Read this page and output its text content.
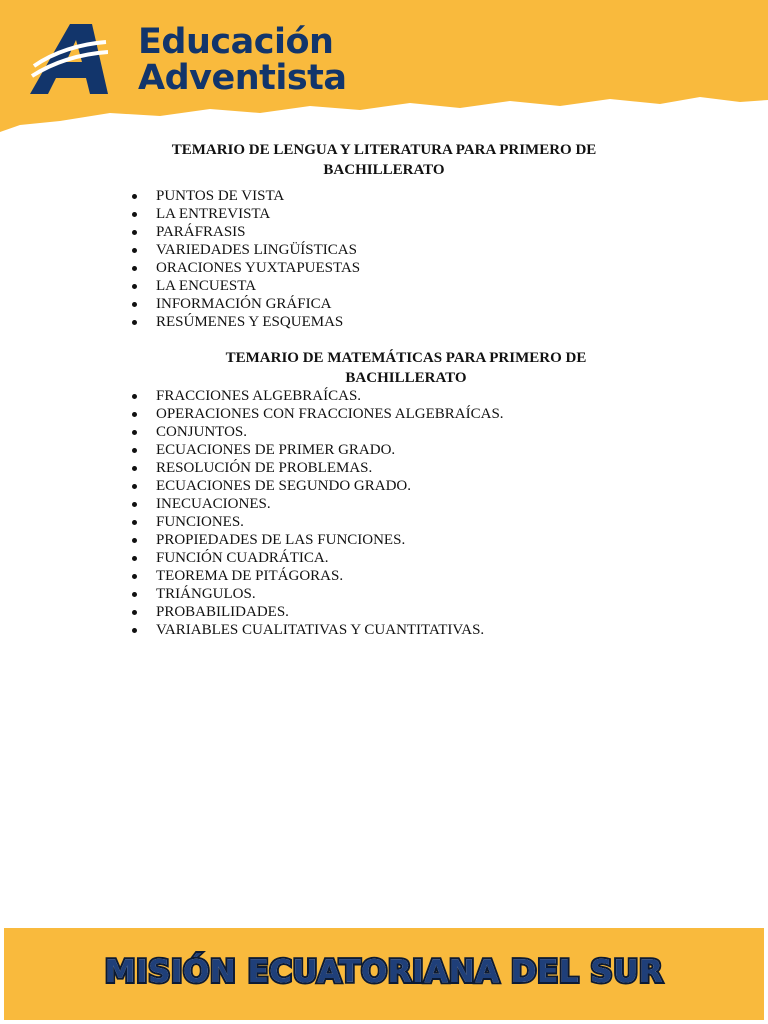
Educación
Adventista

TEMARIO DE LENGUA Y LITERATURA PARA PRIMERO DE BACHILLERATO

PUNTOS DE VISTA
LA ENTREVISTA
PARÁFRASIS
VARIEDADES LINGÜÍSTICAS
ORACIONES YUXTAPUESTAS
LA ENCUESTA
INFORMACIÓN GRÁFICA
RESÚMENES Y ESQUEMAS

TEMARIO DE MATEMÁTICAS PARA PRIMERO DE BACHILLERATO

FRACCIONES ALGEBRAÍCAS.
OPERACIONES CON FRACCIONES ALGEBRAÍCAS.
CONJUNTOS.
ECUACIONES DE PRIMER GRADO.
RESOLUCIÓN DE PROBLEMAS.
ECUACIONES DE SEGUNDO GRADO.
INECUACIONES.
FUNCIONES.
PROPIEDADES DE LAS FUNCIONES.
FUNCIÓN CUADRÁTICA.
TEOREMA DE PITÁGORAS.
TRIÁNGULOS.
PROBABILIDADES.
VARIABLES CUALITATIVAS Y CUANTITATIVAS.
MISIÓN ECUATORIANA DEL SUR
